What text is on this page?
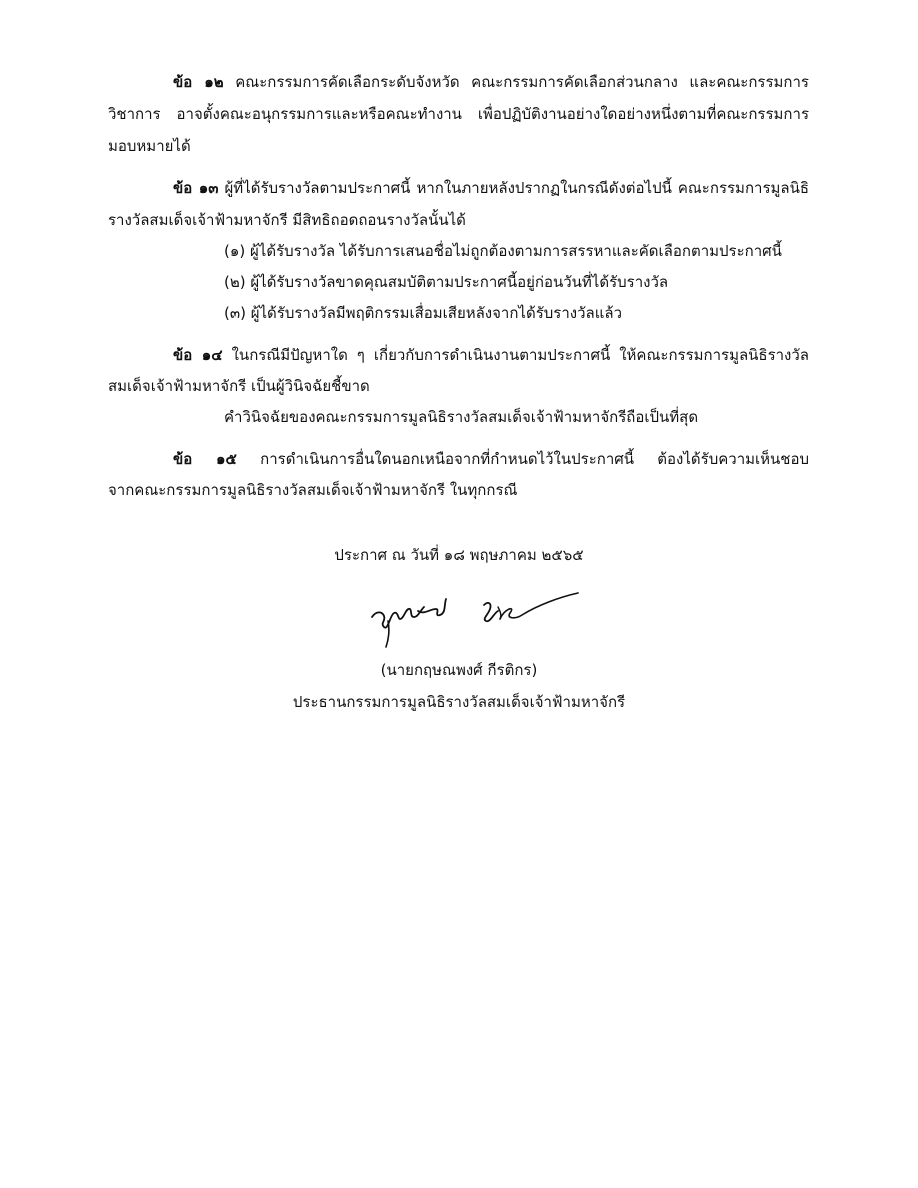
ข้อ ๑๒ คณะกรรมการคัดเลือกระดับจังหวัด คณะกรรมการคัดเลือกส่วนกลาง และคณะกรรมการ
วิชาการ อาจตั้งคณะอนุกรรมการและหรือคณะทำงาน เพื่อปฏิบัติงานอย่างใดอย่างหนึ่งตามที่คณะกรรมการ
มอบหมายได้
ข้อ ๑๓ ผู้ที่ได้รับรางวัลตามประกาศนี้ หากในภายหลังปรากฏในกรณีดังต่อไปนี้ คณะกรรมการมูลนิธิ
รางวัลสมเด็จเจ้าฟ้ามหาจักรี มีสิทธิถอดถอนรางวัลนั้นได้
(๑) ผู้ได้รับรางวัล ได้รับการเสนอชื่อไม่ถูกต้องตามการสรรหาและคัดเลือกตามประกาศนี้
(๒) ผู้ได้รับรางวัลขาดคุณสมบัติตามประกาศนี้อยู่ก่อนวันที่ได้รับรางวัล
(๓) ผู้ได้รับรางวัลมีพฤติกรรมเสื่อมเสียหลังจากได้รับรางวัลแล้ว
ข้อ ๑๔ ในกรณีมีปัญหาใด ๆ เกี่ยวกับการดำเนินงานตามประกาศนี้ ให้คณะกรรมการมูลนิธิรางวัล
สมเด็จเจ้าฟ้ามหาจักรี เป็นผู้วินิจฉัยชี้ขาด
คำวินิจฉัยของคณะกรรมการมูลนิธิรางวัลสมเด็จเจ้าฟ้ามหาจักรีถือเป็นที่สุด
ข้อ ๑๕ การดำเนินการอื่นใดนอกเหนือจากที่กำหนดไว้ในประกาศนี้ ต้องได้รับความเห็นชอบ
จากคณะกรรมการมูลนิธิรางวัลสมเด็จเจ้าฟ้ามหาจักรี ในทุกกรณี
ประกาศ ณ วันที่ ๑๘ พฤษภาคม ๒๕๖๕
(นายกฤษณพงศ์ กีรติกร)
ประธานกรรมการมูลนิธิรางวัลสมเด็จเจ้าฟ้ามหาจักรี
